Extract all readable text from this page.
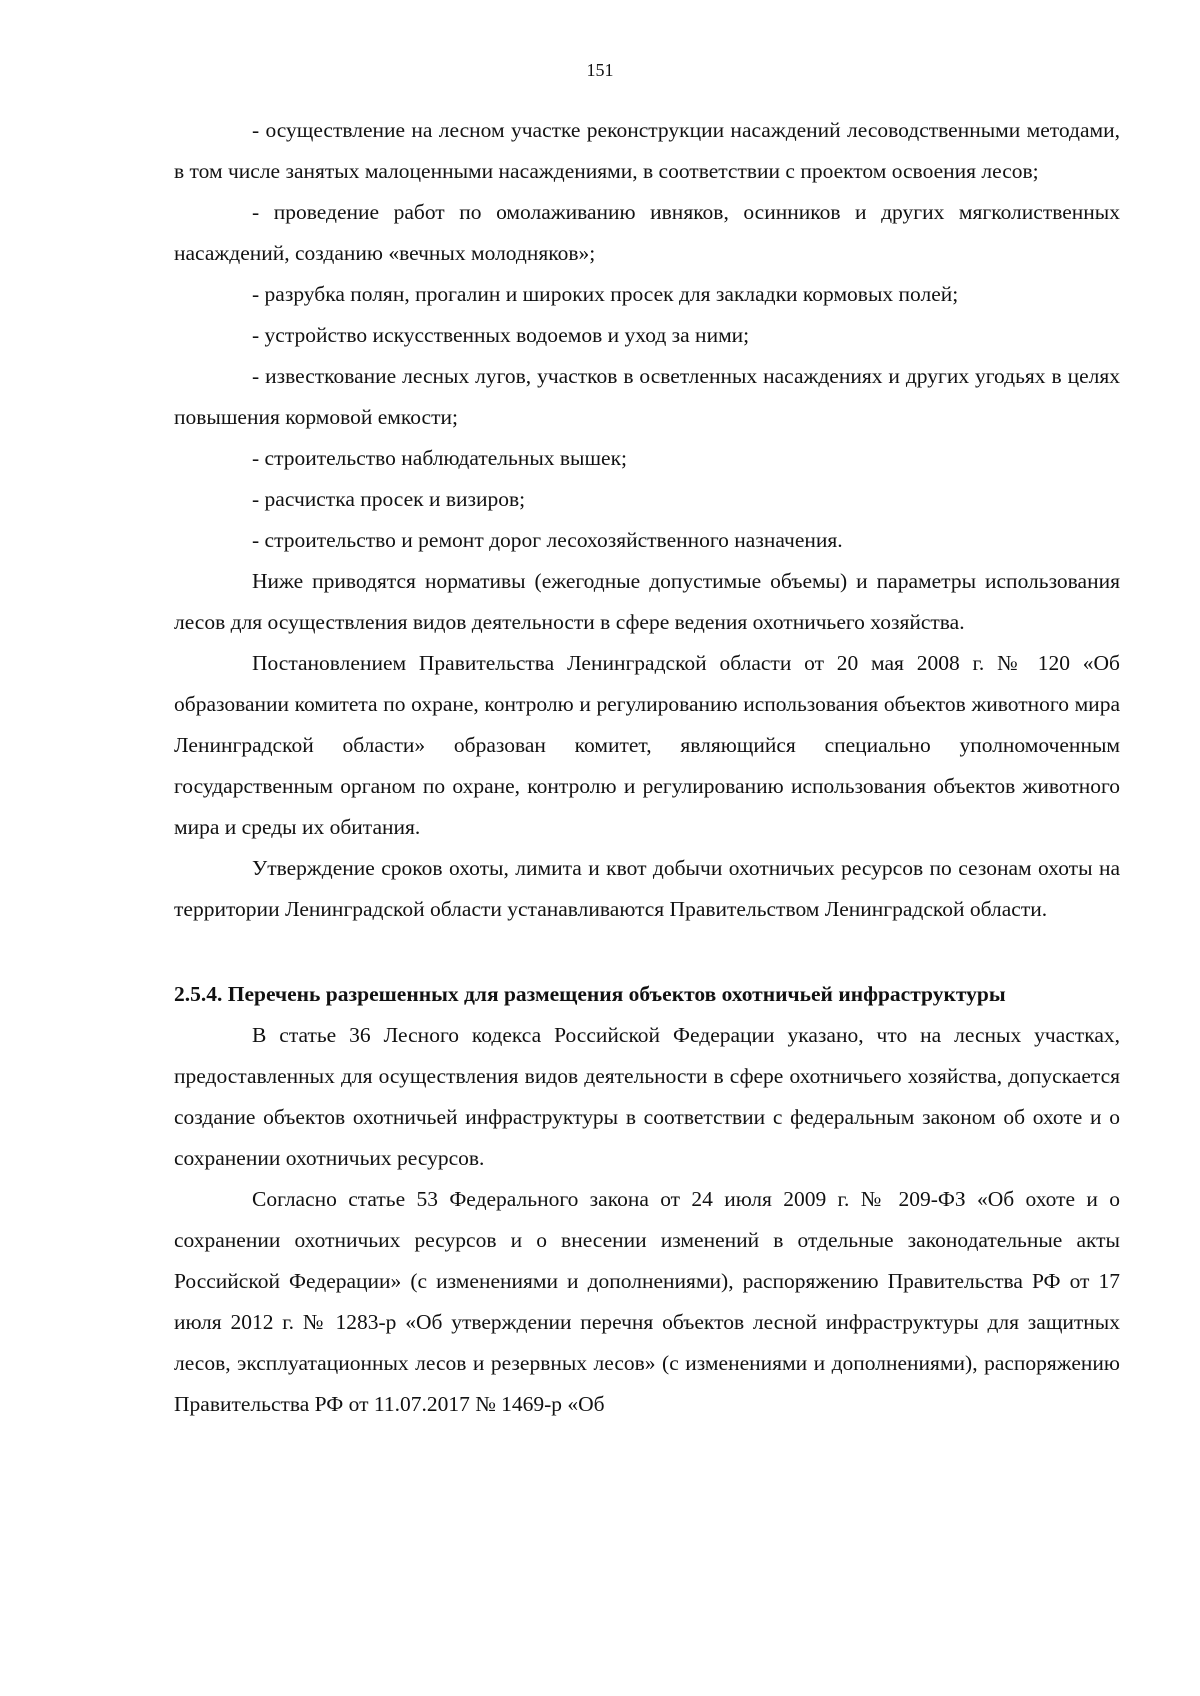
151

- осуществление на лесном участке реконструкции насаждений лесоводственными методами, в том числе занятых малоценными насаждениями, в соответствии с проектом освоения лесов;

- проведение работ по омолаживанию ивняков, осинников и других мягколиственных насаждений, созданию «вечных молодняков»;

- разрубка полян, прогалин и широких просек для закладки кормовых полей;

- устройство искусственных водоемов и уход за ними;

- известкование лесных лугов, участков в осветленных насаждениях и других угодьях в целях повышения кормовой емкости;

- строительство наблюдательных вышек;

- расчистка просек и визиров;

- строительство и ремонт дорог лесохозяйственного назначения.

Ниже приводятся нормативы (ежегодные допустимые объемы) и параметры использования лесов для осуществления видов деятельности в сфере ведения охотничьего хозяйства.

Постановлением Правительства Ленинградской области от 20 мая 2008 г. № 120 «Об образовании комитета по охране, контролю и регулированию использования объектов животного мира Ленинградской области» образован комитет, являющийся специально уполномоченным государственным органом по охране, контролю и регулированию использования объектов животного мира и среды их обитания.

Утверждение сроков охоты, лимита и квот добычи охотничьих ресурсов по сезонам охоты на территории Ленинградской области устанавливаются Правительством Ленинградской области.

2.5.4. Перечень разрешенных для размещения объектов охотничьей инфраструктуры

В статье 36 Лесного кодекса Российской Федерации указано, что на лесных участках, предоставленных для осуществления видов деятельности в сфере охотничьего хозяйства, допускается создание объектов охотничьей инфраструктуры в соответствии с федеральным законом об охоте и о сохранении охотничьих ресурсов.

Согласно статье 53 Федерального закона от 24 июля 2009 г. № 209-ФЗ «Об охоте и о сохранении охотничьих ресурсов и о внесении изменений в отдельные законодательные акты Российской Федерации» (с изменениями и дополнениями), распоряжению Правительства РФ от 17 июля 2012 г. № 1283-р «Об утверждении перечня объектов лесной инфраструктуры для защитных лесов, эксплуатационных лесов и резервных лесов» (с изменениями и дополнениями), распоряжению Правительства РФ от 11.07.2017 № 1469-р «Об
